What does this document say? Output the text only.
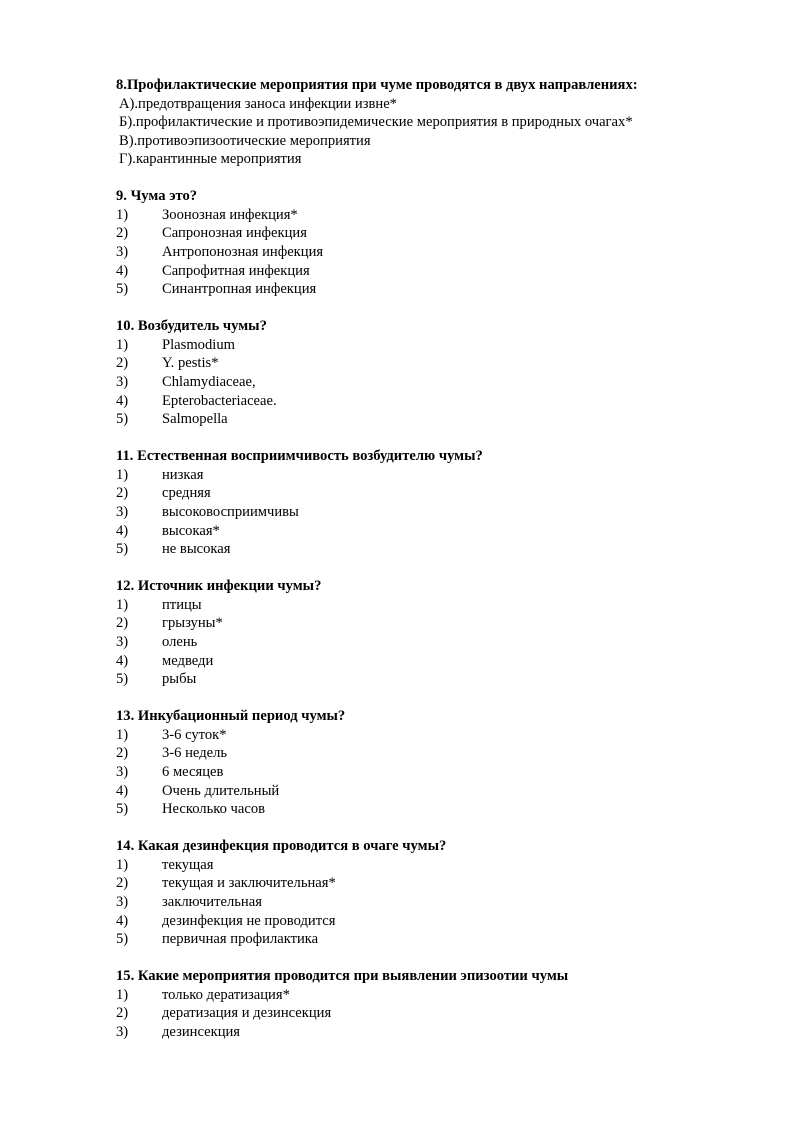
8.Профилактические мероприятия при чуме проводятся в двух направлениях:
А).предотвращения заноса инфекции извне*
Б).профилактические и противоэпидемические мероприятия в природных очагах*
В).противоэпизоотические мероприятия
Г).карантинные мероприятия
9. Чума это?
1)	Зоонозная инфекция*
2)	Сапронозная инфекция
3)	Антропонозная инфекция
4)	Сапрофитная инфекция
5)	Синантропная инфекция
10. Возбудитель чумы?
1)	Plasmodium
2)	Y. pestis*
3)	Chlamydiaceae,
4)	Epterobacteriaceae.
5)	Salmopella
11. Естественная восприимчивость возбудителю чумы?
1)	низкая
2)	средняя
3)	высоковосприимчивы
4)	высокая*
5)	не высокая
12. Источник инфекции чумы?
1)	птицы
2)	грызуны*
3)	олень
4)	медведи
5)	рыбы
13. Инкубационный период чумы?
1)	3-6 суток*
2)	3-6 недель
3)	6 месяцев
4)	Очень длительный
5)	Несколько часов
14. Какая дезинфекция проводится в очаге чумы?
1)	текущая
2)	текущая и заключительная*
3)	заключительная
4)	дезинфекция не проводится
5)	первичная профилактика
15. Какие мероприятия проводится при выявлении эпизоотии чумы
1)	только дератизация*
2)	дератизация и дезинсекция
3)	дезинсекция
